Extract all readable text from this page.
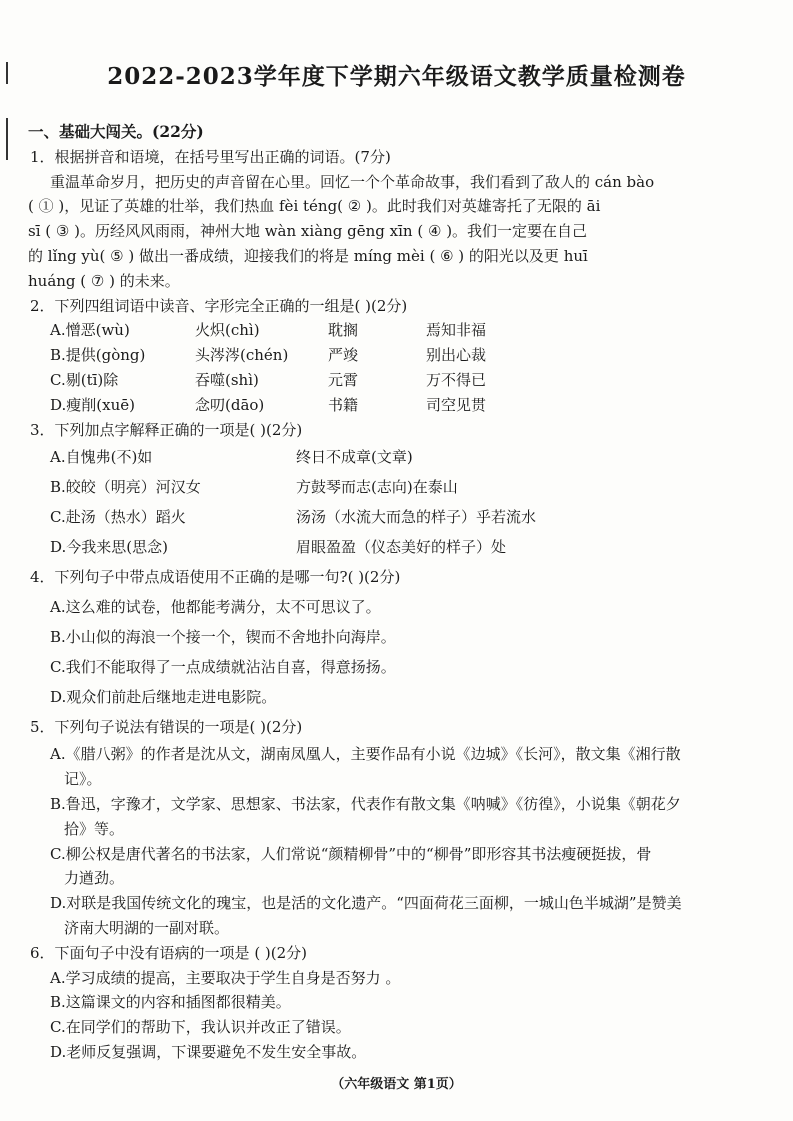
2022-2023学年度下学期六年级语文教学质量检测卷
一、基础大闯关。(22分)
1．根据拼音和语境，在括号里写出正确的词语。(7分)
重温革命岁月，把历史的声音留在心里。回忆一个个革命故事，我们看到了敌人的 cán bào
( ① )，见证了英雄的壮举，我们热血 fèi téng( ② )。此时我们对英雄寄托了无限的 āi
sī ( ③ )。历经风风雨雨，神州大地 wàn xiàng gēng xīn ( ④ )。我们一定要在自己
的 lǐng yù( ⑤ ) 做出一番成绩，迎接我们的将是 míng mèi ( ⑥ ) 的阳光以及更 huī
huáng ( ⑦ ) 的未来。
2．下列四组词语中读音、字形完全正确的一组是( )(2分)
A.憎恶(wù)	火炽(chì)	耽搁	焉知非福
B.提供(gòng)	头涔涔(chén)	严竣	别出心裁
C.剔(tī)除	吞噬(shì)	元霄	万不得已
D.瘦削(xuē)	念叨(dāo)	书籍	司空见贯
3．下列加点字解释正确的一项是( )(2分)
A.自愧弗(不)如	终日不成章(文章)
B.皎皎（明亮）河汉女	方鼓琴而志(志向)在泰山
C.赴汤（热水）蹈火	汤汤（水流大而急的样子）乎若流水
D.今我来思(思念)	眉眼盈盈（仪态美好的样子）处
4．下列句子中带点成语使用不正确的是哪一句?( )(2分)
A.这么难的试卷，他都能考满分，太不可思议了。
B.小山似的海浪一个接一个，锲而不舍地扑向海岸。
C.我们不能取得了一点成绩就沾沾自喜，得意扬扬。
D.观众们前赴后继地走进电影院。
5．下列句子说法有错误的一项是( )(2分)
A.《腊八粥》的作者是沈从文，湖南凤凰人，主要作品有小说《边城》《长河》，散文集《湘行散
记》。
B.鲁迅，字豫才，文学家、思想家、书法家，代表作有散文集《呐喊》《彷徨》，小说集《朝花夕
拾》等。
C.柳公权是唐代著名的书法家，人们常说“颜精柳骨”中的“柳骨”即形容其书法瘦硬挺拔，骨
力遒劲。
D.对联是我国传统文化的瑰宝，也是活的文化遗产。“四面荷花三面柳，一城山色半城湖”是赞美
济南大明湖的一副对联。
6．下面句子中没有语病的一项是 ( )(2分)
A.学习成绩的提高，主要取决于学生自身是否努力 。
B.这篇课文的内容和插图都很精美。
C.在同学们的帮助下，我认识并改正了错误。
D.老师反复强调，下课要避免不发生安全事故。
（六年级语文 第1页）
